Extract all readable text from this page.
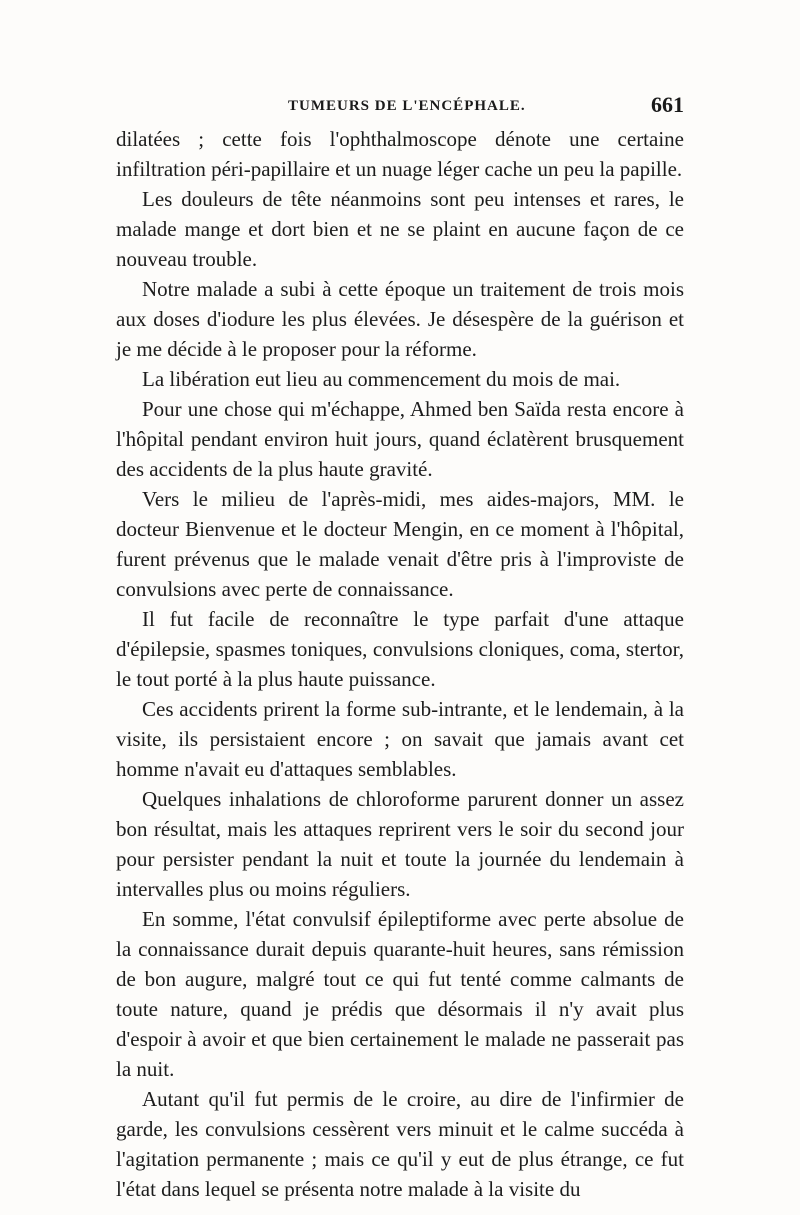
TUMEURS DE L'ENCÉPHALE.	661

dilatées ; cette fois l'ophthalmoscope dénote une certaine infiltration péri-papillaire et un nuage léger cache un peu la papille.

Les douleurs de tête néanmoins sont peu intenses et rares, le malade mange et dort bien et ne se plaint en aucune façon de ce nouveau trouble.

Notre malade a subi à cette époque un traitement de trois mois aux doses d'iodure les plus élevées. Je désespère de la guérison et je me décide à le proposer pour la réforme.

La libération eut lieu au commencement du mois de mai.

Pour une chose qui m'échappe, Ahmed ben Saïda resta encore à l'hôpital pendant environ huit jours, quand éclatèrent brusquement des accidents de la plus haute gravité.

Vers le milieu de l'après-midi, mes aides-majors, MM. le docteur Bienvenue et le docteur Mengin, en ce moment à l'hôpital, furent prévenus que le malade venait d'être pris à l'improviste de convulsions avec perte de connaissance.

Il fut facile de reconnaître le type parfait d'une attaque d'épilepsie, spasmes toniques, convulsions cloniques, coma, stertor, le tout porté à la plus haute puissance.

Ces accidents prirent la forme sub-intrante, et le lendemain, à la visite, ils persistaient encore ; on savait que jamais avant cet homme n'avait eu d'attaques semblables.

Quelques inhalations de chloroforme parurent donner un assez bon résultat, mais les attaques reprirent vers le soir du second jour pour persister pendant la nuit et toute la journée du lendemain à intervalles plus ou moins réguliers.

En somme, l'état convulsif épileptiforme avec perte absolue de la connaissance durait depuis quarante-huit heures, sans rémission de bon augure, malgré tout ce qui fut tenté comme calmants de toute nature, quand je prédis que désormais il n'y avait plus d'espoir à avoir et que bien certainement le malade ne passerait pas la nuit.

Autant qu'il fut permis de le croire, au dire de l'infirmier de garde, les convulsions cessèrent vers minuit et le calme succéda à l'agitation permanente ; mais ce qu'il y eut de plus étrange, ce fut l'état dans lequel se présenta notre malade à la visite du
